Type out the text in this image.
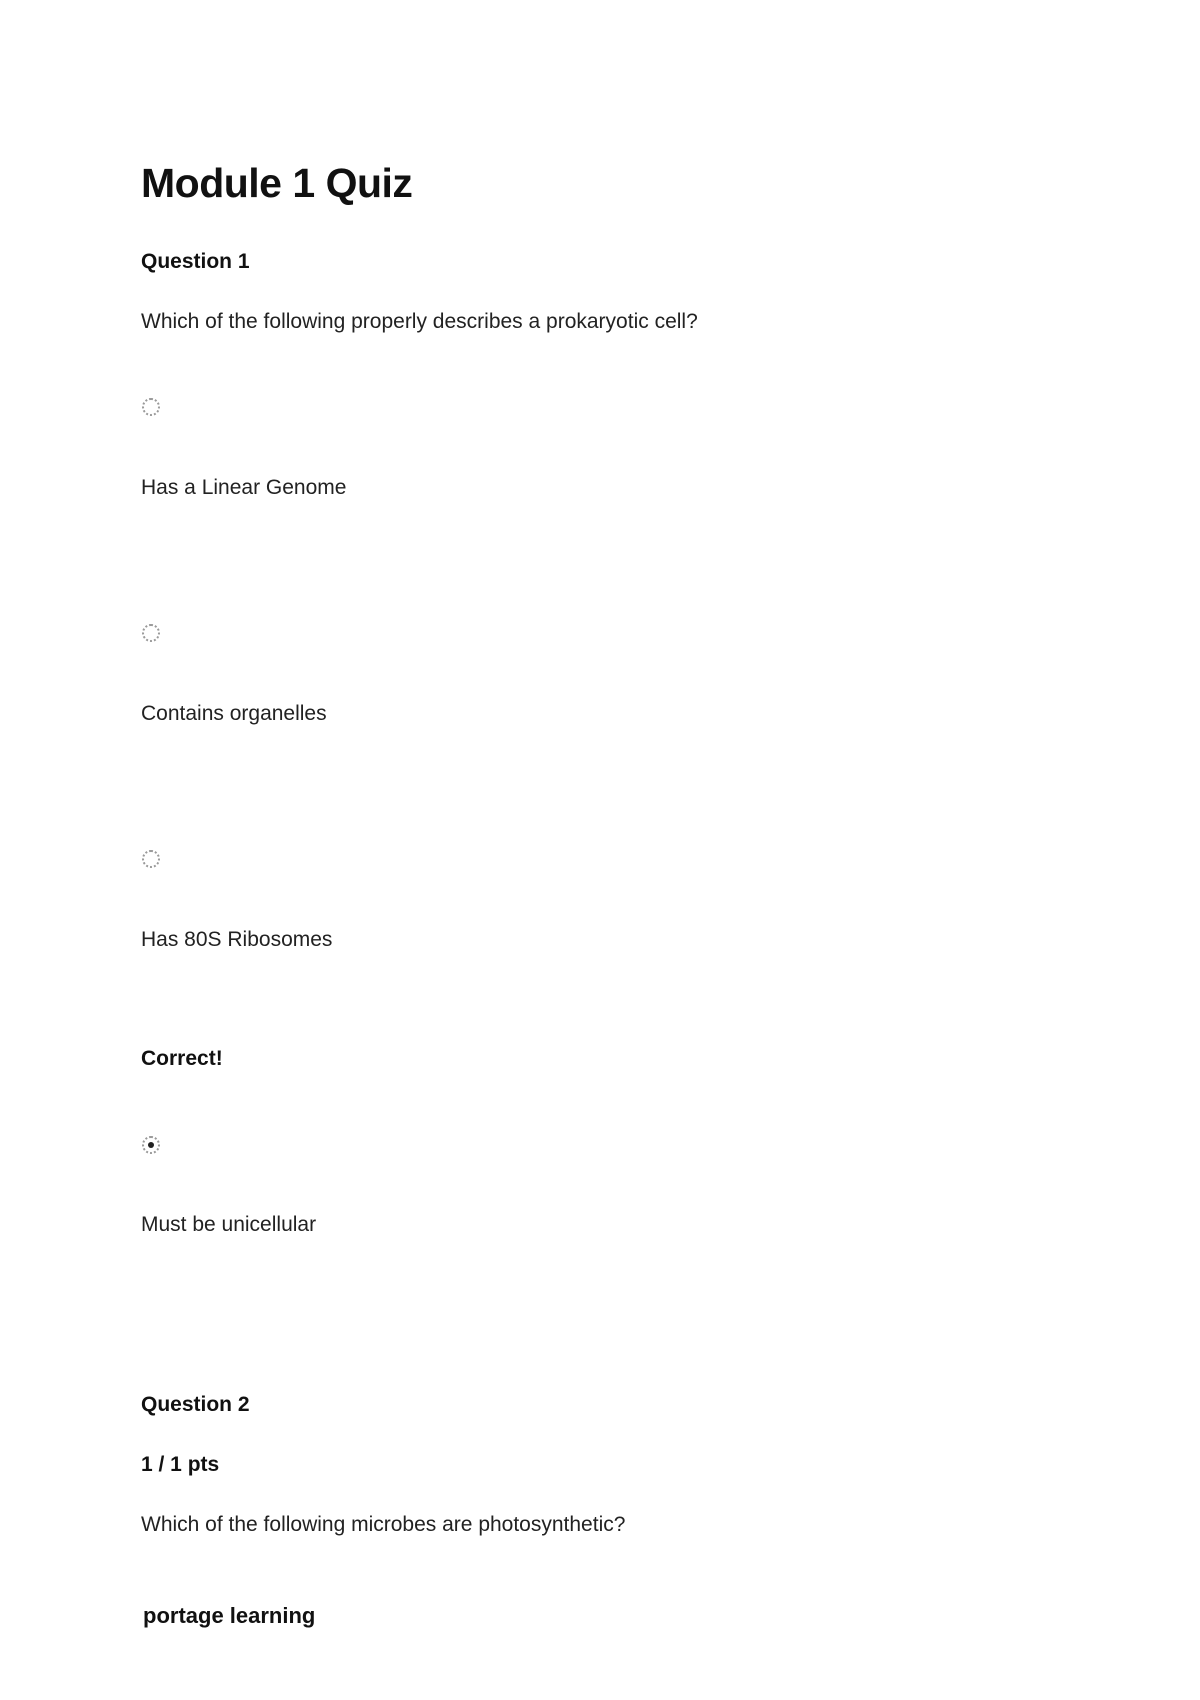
Module 1 Quiz
Question 1
Which of the following properly describes a prokaryotic cell?
Has a Linear Genome
Contains organelles
Has 80S Ribosomes
Correct!
Must be unicellular
Question 2
1 / 1 pts
Which of the following microbes are photosynthetic?
portage learning
